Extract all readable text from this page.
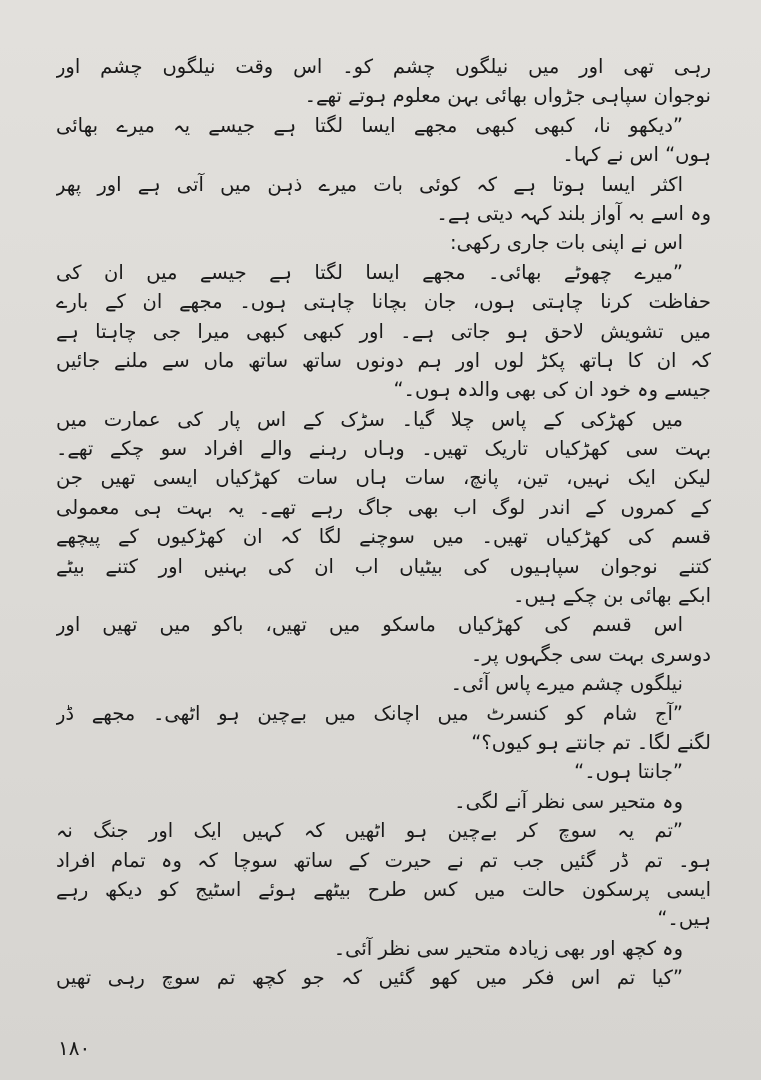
رہی تھی اور میں نیلگوں چشم کو۔ اس وقت نیلگوں چشم اور
نوجوان سپاہی جڑواں بھائی بہن معلوم ہوتے تھے۔
”دیکھو نا، کبھی کبھی مجھے ایسا لگتا ہے جیسے یہ میرے بھائی
ہوں“ اس نے کہا۔
اکثر ایسا ہوتا ہے کہ کوئی بات میرے ذہن میں آتی ہے اور پھر
وہ اسے بہ آواز بلند کہہ دیتی ہے۔
اس نے اپنی بات جاری رکھی:
”میرے چھوٹے بھائی۔ مجھے ایسا لگتا ہے جیسے میں ان کی
حفاظت کرنا چاہتی ہوں، جان بچانا چاہتی ہوں۔ مجھے ان کے بارے
میں تشویش لاحق ہو جاتی ہے۔ اور کبھی کبھی میرا جی چاہتا ہے
کہ ان کا ہاتھ پکڑ لوں اور ہم دونوں ساتھ ساتھ ماں سے ملنے جائیں
جیسے وہ خود ان کی بھی والدہ ہوں۔“
میں کھڑکی کے پاس چلا گیا۔ سڑک کے اس پار کی عمارت میں
بہت سی کھڑکیاں تاریک تھیں۔ وہاں رہنے والے افراد سو چکے تھے۔
لیکن ایک نہیں، تین، پانچ، سات ہاں سات کھڑکیاں ایسی تھیں جن
کے کمروں کے اندر لوگ اب بھی جاگ رہے تھے۔ یہ بہت ہی معمولی
قسم کی کھڑکیاں تھیں۔ میں سوچنے لگا کہ ان کھڑکیوں کے پیچھے
کتنے نوجوان سپاہیوں کی بیٹیاں اب ان کی بہنیں اور کتنے بیٹے
ابکے بھائی بن چکے ہیں۔
اس قسم کی کھڑکیاں ماسکو میں تھیں، باکو میں تھیں اور
دوسری بہت سی جگہوں پر۔
نیلگوں چشم میرے پاس آئی۔
”آج شام کو کنسرٹ میں اچانک میں بےچین ہو اٹھی۔ مجھے ڈر
لگنے لگا۔ تم جانتے ہو کیوں؟“
”جانتا ہوں۔“
وہ متحیر سی نظر آنے لگی۔
”تم یہ سوچ کر بےچین ہو اٹھیں کہ کہیں ایک اور جنگ نہ
ہو۔ تم ڈر گئیں جب تم نے حیرت کے ساتھ سوچا کہ وہ تمام افراد
ایسی پرسکون حالت میں کس طرح بیٹھے ہوئے اسٹیج کو دیکھ رہے
ہیں۔“
وہ کچھ اور بھی زیادہ متحیر سی نظر آئی۔
”کیا تم اس فکر میں کھو گئیں کہ جو کچھ تم سوچ رہی تھیں
۱۸۰
